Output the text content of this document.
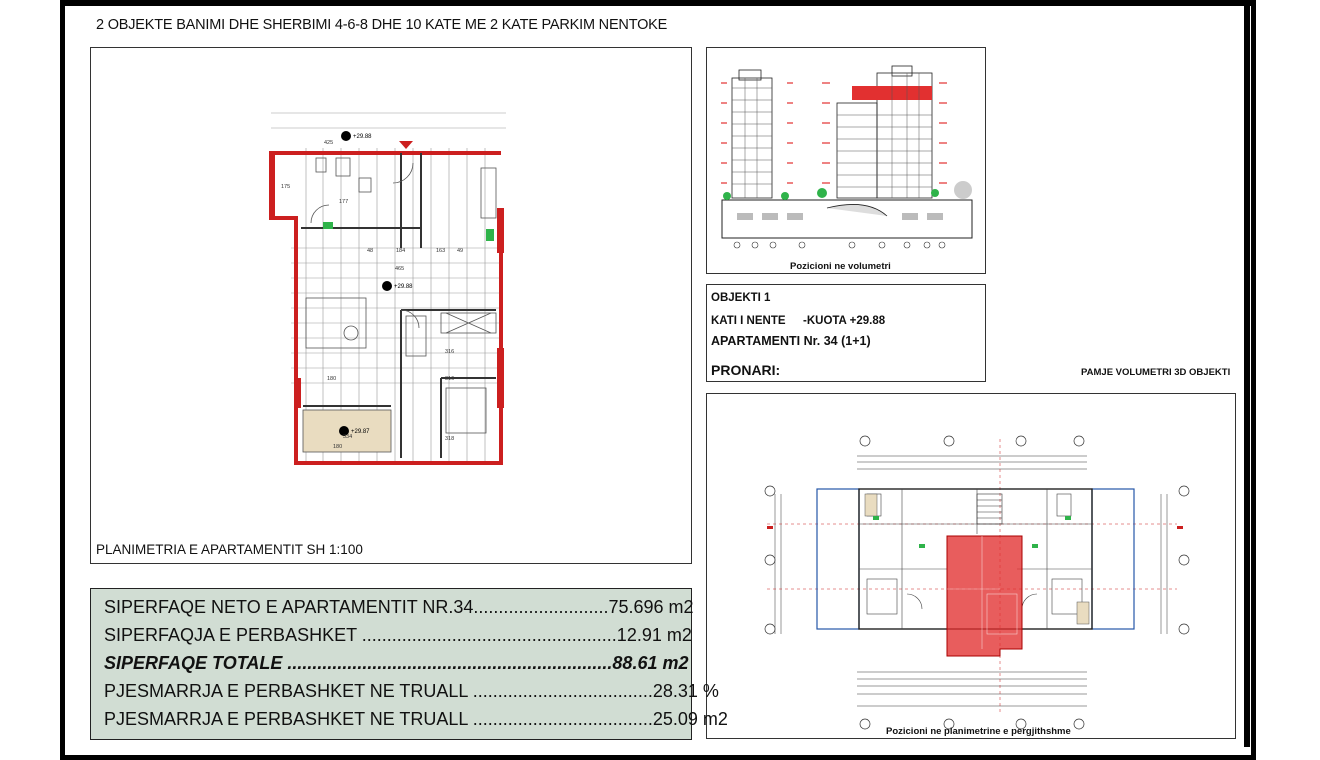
2 OBJEKTE BANIMI DHE SHERBIMI 4-6-8 DHE 10 KATE ME 2 KATE PARKIM NENTOKE
+29.88
+29.88
+29.87
425
177
48	184	163 49
465
180
316
316
318
334
180
175
PLANIMETRIA E APARTAMENTIT SH 1:100
Pozicioni ne volumetri
OBJEKTI 1
KATI I NENTE -KUOTA +29.88
APARTAMENTI Nr. 34 (1+1)
PRONARI:	PAMJE VOLUMETRI 3D OBJEKTI
Pozicioni ne planimetrine e pergjithshme
SIPERFAQE NETO E APARTAMENTIT NR.34...........................75.696 m2
SIPERFAQJA E PERBASHKET ...................................................12.91 m2
SIPERFAQE TOTALE .................................................................88.61 m2
PJESMARRJA E PERBASHKET NE TRUALL ....................................28.31 %
PJESMARRJA E PERBASHKET NE TRUALL ....................................25.09 m2
